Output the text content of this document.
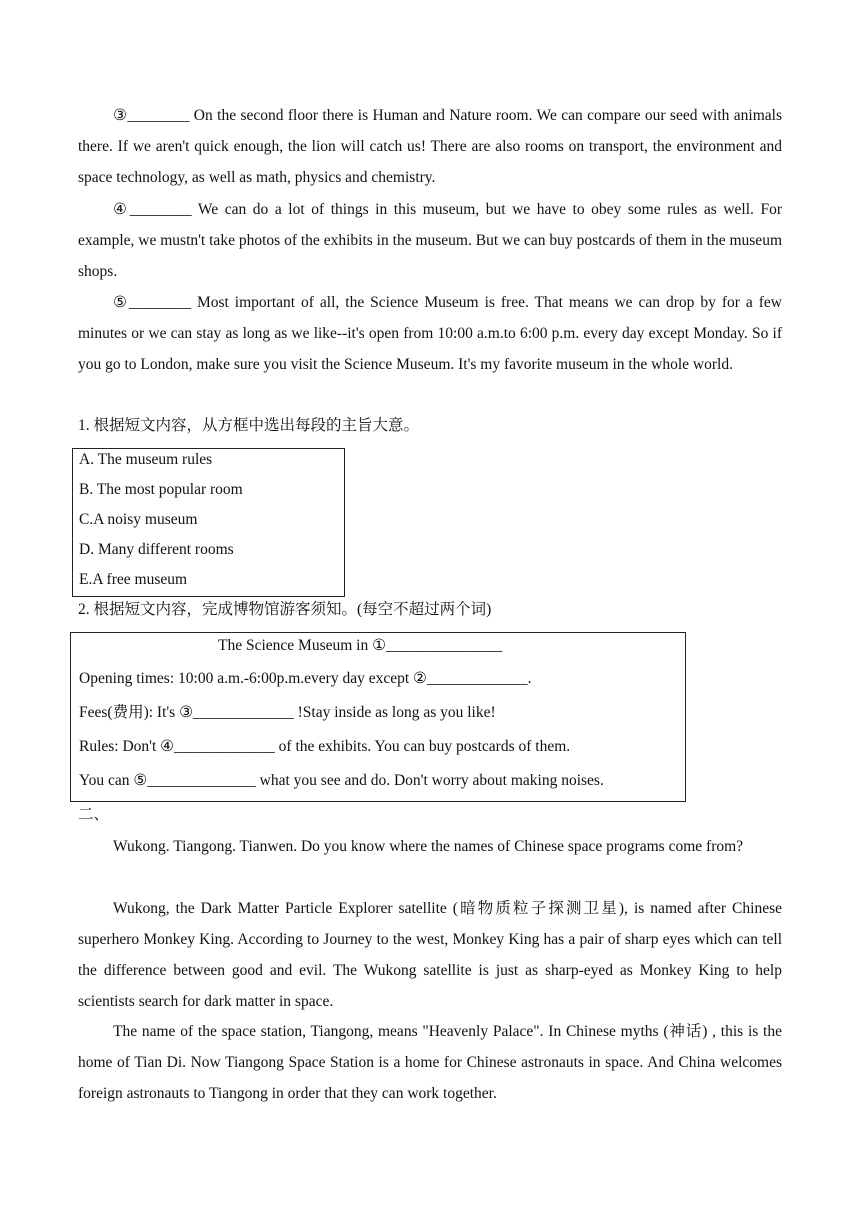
③________ On the second floor there is Human and Nature room. We can compare our seed with animals there. If we aren't quick enough, the lion will catch us! There are also rooms on transport, the environment and space technology, as well as math, physics and chemistry.

④________ We can do a lot of things in this museum, but we have to obey some rules as well. For example, we mustn't take photos of the exhibits in the museum. But we can buy postcards of them in the museum shops.

⑤________ Most important of all, the Science Museum is free. That means we can drop by for a few minutes or we can stay as long as we like--it's open from 10:00 a.m.to 6:00 p.m. every day except Monday. So if you go to London, make sure you visit the Science Museum. It's my favorite museum in the whole world.

1. 根据短文内容，从方框中选出每段的主旨大意。

A. The museum rules
B. The most popular room
C.A noisy museum
D. Many different rooms
E.A free museum

2. 根据短文内容，完成博物馆游客须知。(每空不超过两个词)

The Science Museum in ①_______________
Opening times: 10:00 a.m.-6:00p.m.every day except ②_____________.
Fees(费用): It's ③_____________ !Stay inside as long as you like!
Rules: Don't ④_____________ of the exhibits. You can buy postcards of them.
You can ⑤______________ what you see and do. Don't worry about making noises.

二、

Wukong. Tiangong. Tianwen. Do you know where the names of Chinese space programs come from?

Wukong, the Dark Matter Particle Explorer satellite (暗物质粒子探测卫星), is named after Chinese superhero Monkey King. According to Journey to the west, Monkey King has a pair of sharp eyes which can tell the difference between good and evil. The Wukong satellite is just as sharp-eyed as Monkey King to help scientists search for dark matter in space.

The name of the space station, Tiangong, means "Heavenly Palace". In Chinese myths (神话) , this is the home of Tian Di. Now Tiangong Space Station is a home for Chinese astronauts in space. And China welcomes foreign astronauts to Tiangong in order that they can work together.
